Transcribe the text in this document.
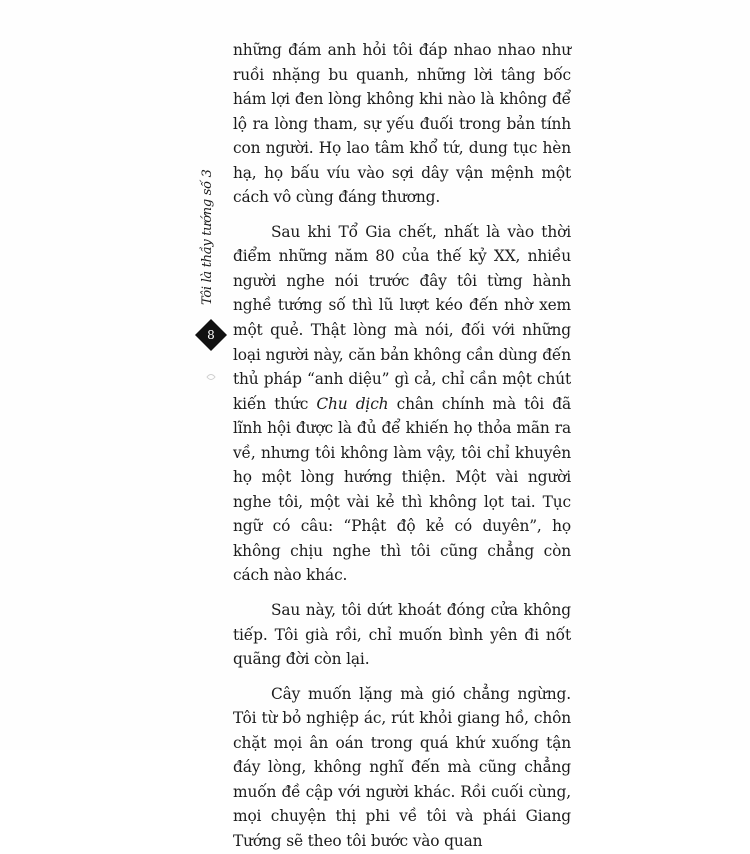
Tôi là thầy tướng số 3
8

những đám anh hỏi tôi đáp nhao nhao như ruồi nhặng bu quanh, những lời tâng bốc hám lợi đen lòng không khi nào là không để lộ ra lòng tham, sự yếu đuối trong bản tính con người. Họ lao tâm khổ tứ, dung tục hèn hạ, họ bấu víu vào sợi dây vận mệnh một cách vô cùng đáng thương.

Sau khi Tổ Gia chết, nhất là vào thời điểm những năm 80 của thế kỷ XX, nhiều người nghe nói trước đây tôi từng hành nghề tướng số thì lũ lượt kéo đến nhờ xem một quẻ. Thật lòng mà nói, đối với những loại người này, căn bản không cần dùng đến thủ pháp “anh diệu” gì cả, chỉ cần một chút kiến thức Chu dịch chân chính mà tôi đã lĩnh hội được là đủ để khiến họ thỏa mãn ra về, nhưng tôi không làm vậy, tôi chỉ khuyên họ một lòng hướng thiện. Một vài người nghe tôi, một vài kẻ thì không lọt tai. Tục ngữ có câu: “Phật độ kẻ có duyên”, họ không chịu nghe thì tôi cũng chẳng còn cách nào khác.

Sau này, tôi dứt khoát đóng cửa không tiếp. Tôi già rồi, chỉ muốn bình yên đi nốt quãng đời còn lại.

Cây muốn lặng mà gió chẳng ngừng. Tôi từ bỏ nghiệp ác, rút khỏi giang hồ, chôn chặt mọi ân oán trong quá khứ xuống tận đáy lòng, không nghĩ đến mà cũng chẳng muốn đề cập với người khác. Rồi cuối cùng, mọi chuyện thị phi về tôi và phái Giang Tướng sẽ theo tôi bước vào quan
